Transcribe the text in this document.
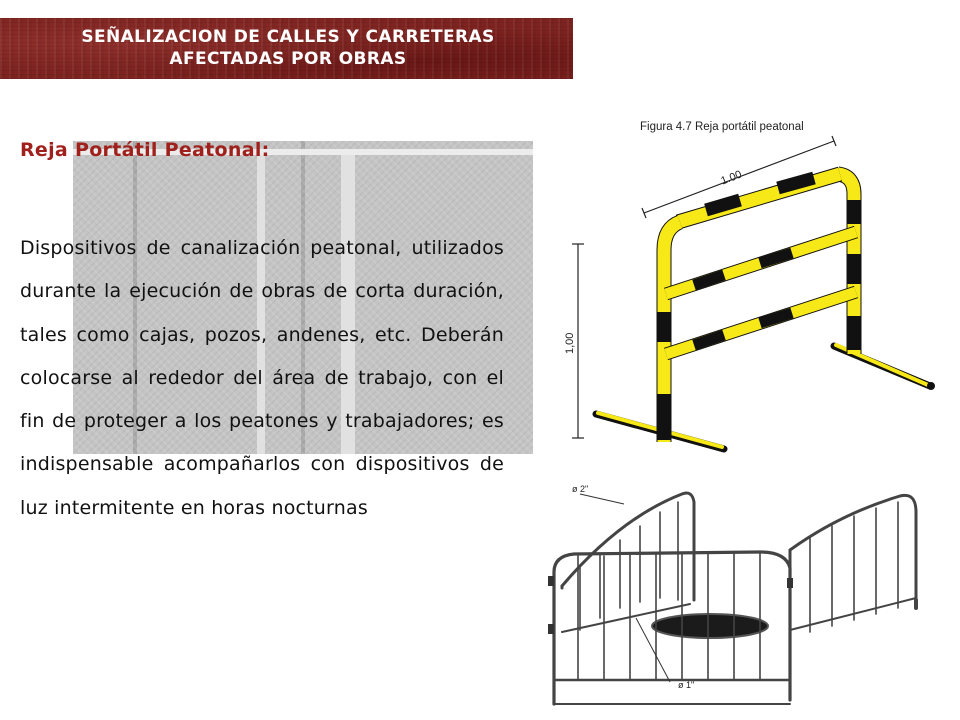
SEÑALIZACION DE CALLES Y CARRETERAS
AFECTADAS POR OBRAS
Reja Portátil Peatonal:

Dispositivos de canalización peatonal, utilizados durante la ejecución de obras de corta duración, tales como cajas, pozos, andenes, etc. Deberán colocarse al rededor del área de trabajo, con el fin de proteger a los peatones y trabajadores; es indispensable acompañarlos con dispositivos de luz intermitente en horas nocturnas

1.00
1,00

Figura 4.7 Reja portátil peatonal

ø 2"
ø 1"
